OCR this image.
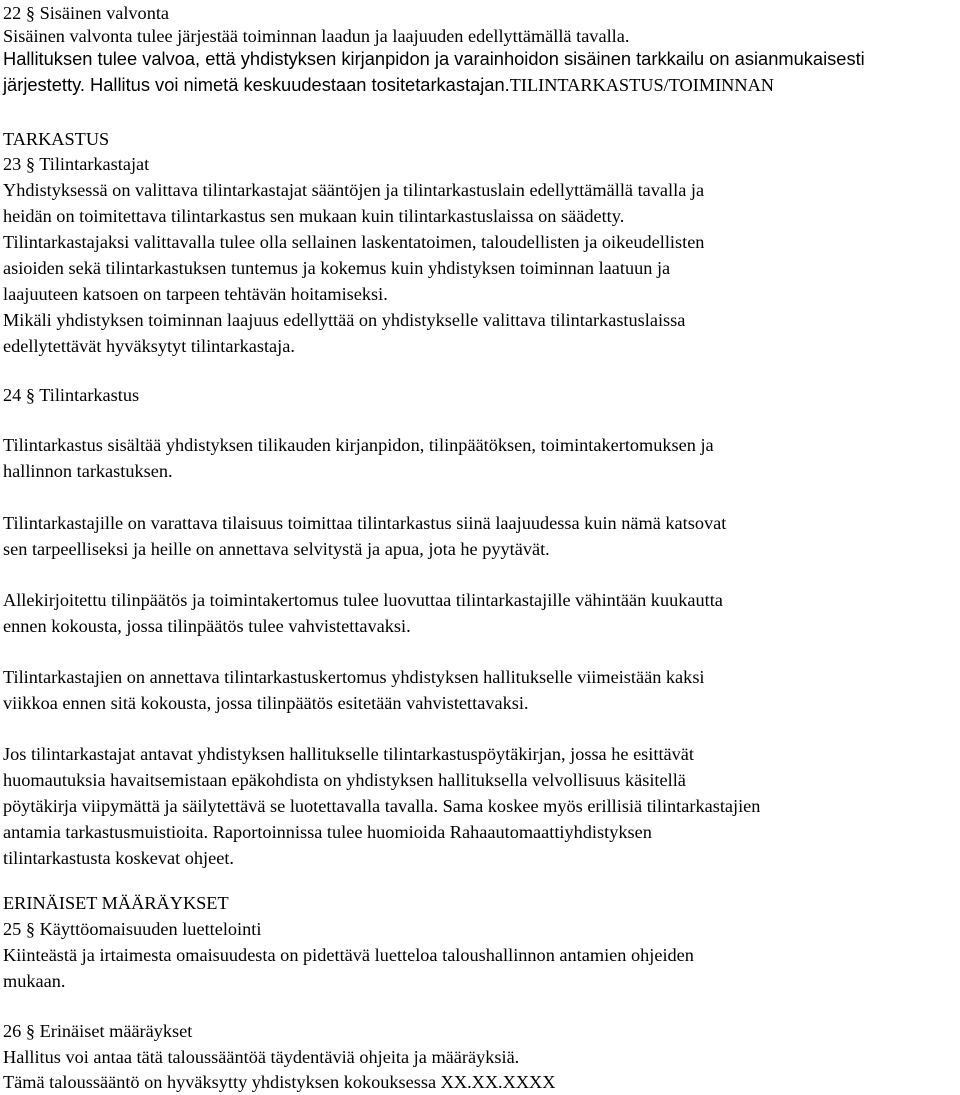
22 § Sisäinen valvonta
Sisäinen valvonta tulee järjestää toiminnan laadun ja laajuuden edellyttämällä tavalla.
Hallituksen tulee valvoa, että yhdistyksen kirjanpidon ja varainhoidon sisäinen tarkkailu on asianmukaisesti
järjestetty. Hallitus voi nimetä keskuudestaan tositetarkastajan.TILINTARKASTUS/TOIMINNAN
TARKASTUS
23 § Tilintarkastajat
Yhdistyksessä on valittava tilintarkastajat sääntöjen ja tilintarkastuslain edellyttämällä tavalla ja
heidän on toimitettava tilintarkastus sen mukaan kuin tilintarkastuslaissa on säädetty.
Tilintarkastajaksi valittavalla tulee olla sellainen laskentatoimen, taloudellisten ja oikeudellisten
asioiden sekä tilintarkastuksen tuntemus ja kokemus kuin yhdistyksen toiminnan laatuun ja
laajuuteen katsoen on tarpeen tehtävän hoitamiseksi.
Mikäli yhdistyksen toiminnan laajuus edellyttää on yhdistykselle valittava tilintarkastuslaissa
edellytettävät hyväksytyt tilintarkastaja.
24 § Tilintarkastus
Tilintarkastus sisältää yhdistyksen tilikauden kirjanpidon, tilinpäätöksen, toimintakertomuksen ja
hallinnon tarkastuksen.
Tilintarkastajille on varattava tilaisuus toimittaa tilintarkastus siinä laajuudessa kuin nämä katsovat
sen tarpeelliseksi ja heille on annettava selvitystä ja apua, jota he pyytävät.
Allekirjoitettu tilinpäätös ja toimintakertomus tulee luovuttaa tilintarkastajille vähintään kuukautta
ennen kokousta, jossa tilinpäätös tulee vahvistettavaksi.
Tilintarkastajien on annettava tilintarkastuskertomus yhdistyksen hallitukselle viimeistään kaksi
viikkoa ennen sitä kokousta, jossa tilinpäätös esitetään vahvistettavaksi.
Jos tilintarkastajat antavat yhdistyksen hallitukselle tilintarkastuspöytäkirjan, jossa he esittävät
huomautuksia havaitsemistaan epäkohdista on yhdistyksen hallituksella velvollisuus käsitellä
pöytäkirja viipymättä ja säilytettävä se luotettavalla tavalla. Sama koskee myös erillisiä tilintarkastajien
antamia tarkastusmuistioita. Raportoinnissa tulee huomioida Rahaautomaattiyhdistyksen
tilintarkastusta koskevat ohjeet.
ERINÄISET MÄÄRÄYKSET
25 § Käyttöomaisuuden luettelointi
Kiinteästä ja irtaimesta omaisuudesta on pidettävä luetteloa taloushallinnon antamien ohjeiden
mukaan.
26 § Erinäiset määräykset
Hallitus voi antaa tätä taloussääntöä täydentäviä ohjeita ja määräyksiä.
Tämä taloussääntö on hyväksytty yhdistyksen kokouksessa XX.XX.XXXX
